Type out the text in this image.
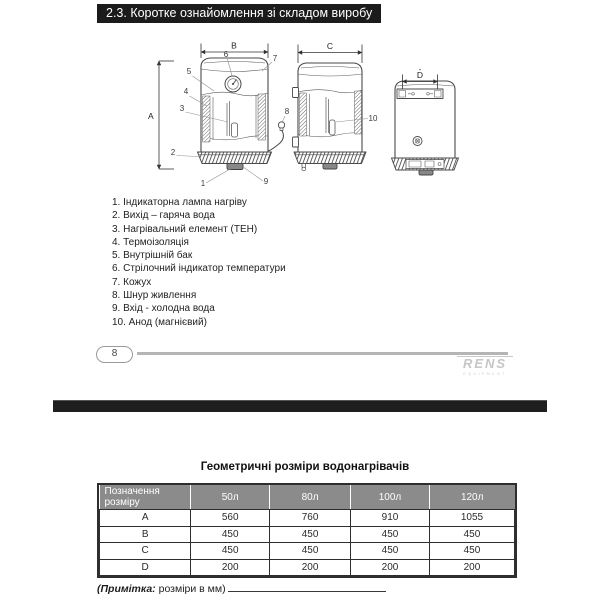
2.3. Коротке ознайомлення зі складом виробу
B
A
6	7
5
4
3	8
2
1	9
C
10
D
1. Індикаторна лампа нагріву
2. Вихід – гаряча вода
3. Нагрівальний елемент (ТЕН)
4. Термоізоляція
5. Внутрішній бак
6. Стрілочний індикатор температури
7. Кожух
8. Шнур живлення
9. Вхід - холодна вода
10. Анод (магнієвий)
8
RENS
EQUIPMENT
Геометричні розміри водонагрівачів
Позначення розміру	50л	80л	100л	120л
A	560	760	910	1055
B	450	450	450	450
C	450	450	450	450
D	200	200	200	200
(Примітка: розміри в мм)
